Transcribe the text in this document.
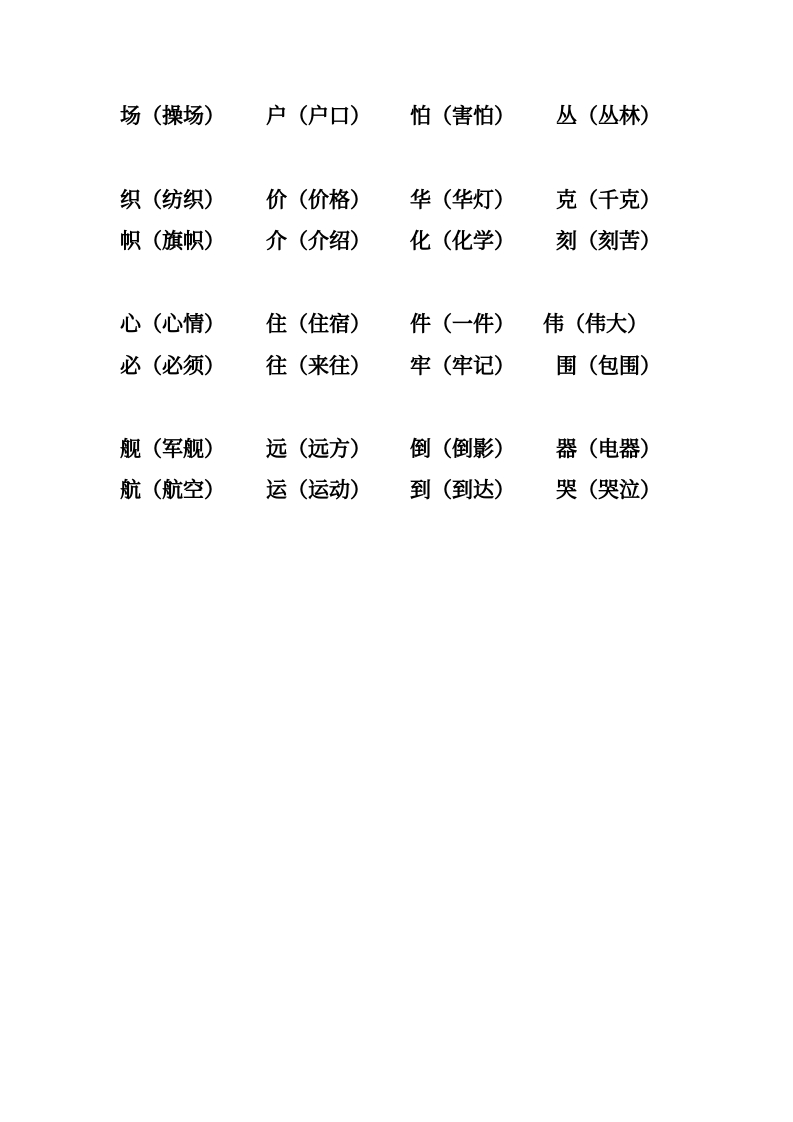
场（操场） 户（户口） 怕（害怕） 丛（丛林）
织（纺织） 价（价格） 华（华灯） 克（千克）
帜（旗帜） 介（介绍） 化（化学） 刻（刻苦）
心（心情） 住（住宿） 件（一件） 伟（伟大）
必（必须） 往（来往） 牢（牢记） 围（包围）
舰（军舰） 远（远方） 倒（倒影） 器（电器）
航（航空） 运（运动） 到（到达） 哭（哭泣）
